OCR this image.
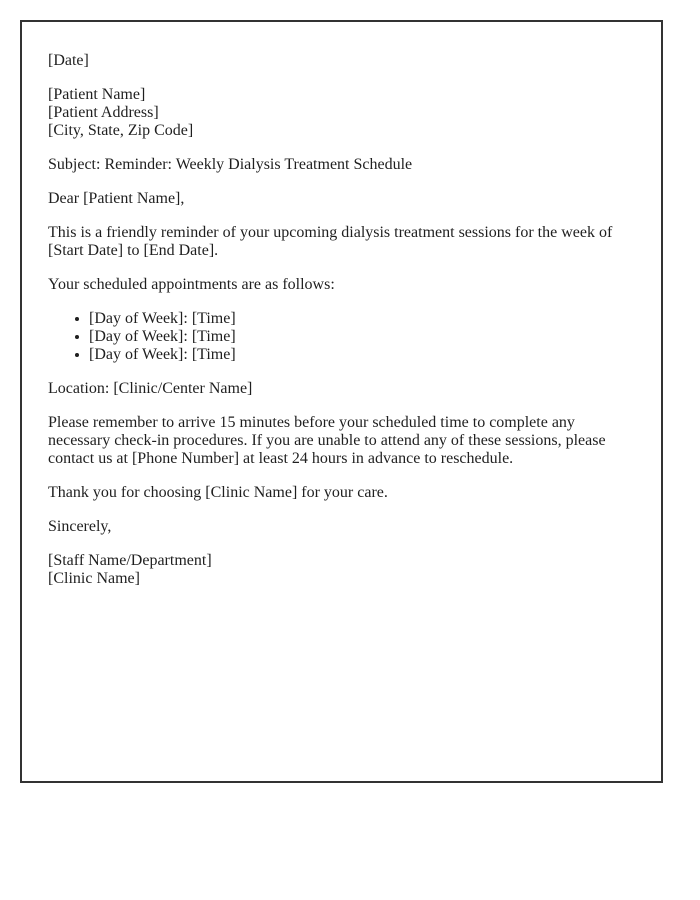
[Date]

[Patient Name]
[Patient Address]
[City, State, Zip Code]

Subject: Reminder: Weekly Dialysis Treatment Schedule

Dear [Patient Name],

This is a friendly reminder of your upcoming dialysis treatment sessions for the week of [Start Date] to [End Date].

Your scheduled appointments are as follows:

[Day of Week]: [Time]
[Day of Week]: [Time]
[Day of Week]: [Time]

Location: [Clinic/Center Name]

Please remember to arrive 15 minutes before your scheduled time to complete any necessary check-in procedures. If you are unable to attend any of these sessions, please contact us at [Phone Number] at least 24 hours in advance to reschedule.

Thank you for choosing [Clinic Name] for your care.

Sincerely,

[Staff Name/Department]
[Clinic Name]
